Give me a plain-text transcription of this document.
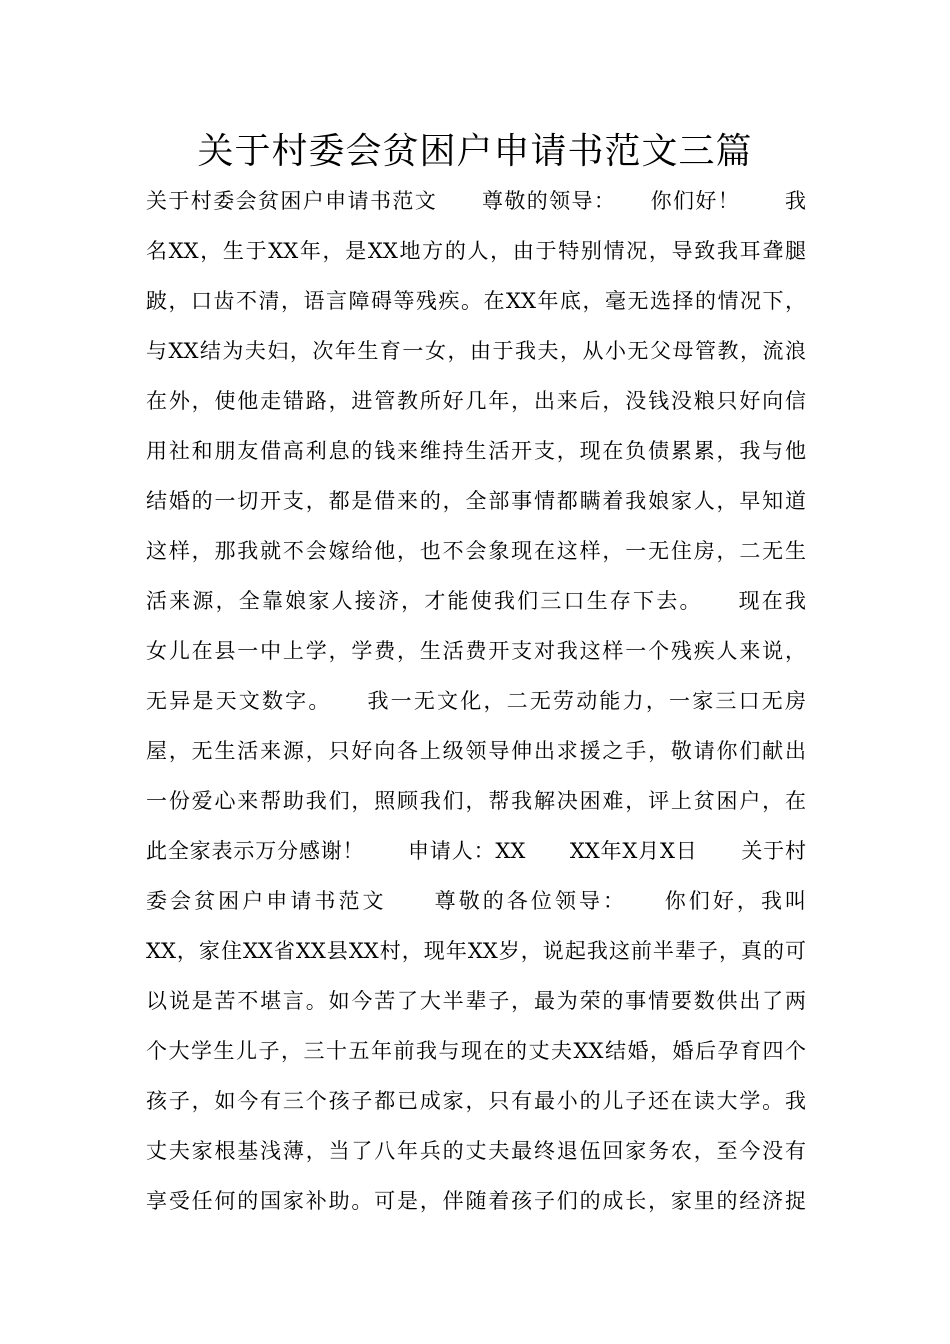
关于村委会贫困户申请书范文三篇
关于村委会贫困户申请书范文　　尊敬的领导：　　你们好！　　我
名XX，生于XX年，是XX地方的人，由于特别情况，导致我耳聋腿
跛，口齿不清，语言障碍等残疾。在XX年底，毫无选择的情况下，
与XX结为夫妇，次年生育一女，由于我夫，从小无父母管教，流浪
在外，使他走错路，进管教所好几年，出来后，没钱没粮只好向信
用社和朋友借高利息的钱来维持生活开支，现在负债累累，我与他
结婚的一切开支，都是借来的，全部事情都瞒着我娘家人，早知道
这样，那我就不会嫁给他，也不会象现在这样，一无住房，二无生
活来源，全靠娘家人接济，才能使我们三口生存下去。　　现在我
女儿在县一中上学，学费，生活费开支对我这样一个残疾人来说，
无异是天文数字。　　我一无文化，二无劳动能力，一家三口无房
屋，无生活来源，只好向各上级领导伸出求援之手，敬请你们献出
一份爱心来帮助我们，照顾我们，帮我解决困难，评上贫困户，在
此全家表示万分感谢！　　申请人：XX　　XX年X月X日　　关于村
委会贫困户申请书范文　　尊敬的各位领导：　　你们好，我叫
XX，家住XX省XX县XX村，现年XX岁，说起我这前半辈子，真的可
以说是苦不堪言。如今苦了大半辈子，最为荣的事情要数供出了两
个大学生儿子，三十五年前我与现在的丈夫XX结婚，婚后孕育四个
孩子，如今有三个孩子都已成家，只有最小的儿子还在读大学。我
丈夫家根基浅薄，当了八年兵的丈夫最终退伍回家务农，至今没有
享受任何的国家补助。可是，伴随着孩子们的成长，家里的经济捉
